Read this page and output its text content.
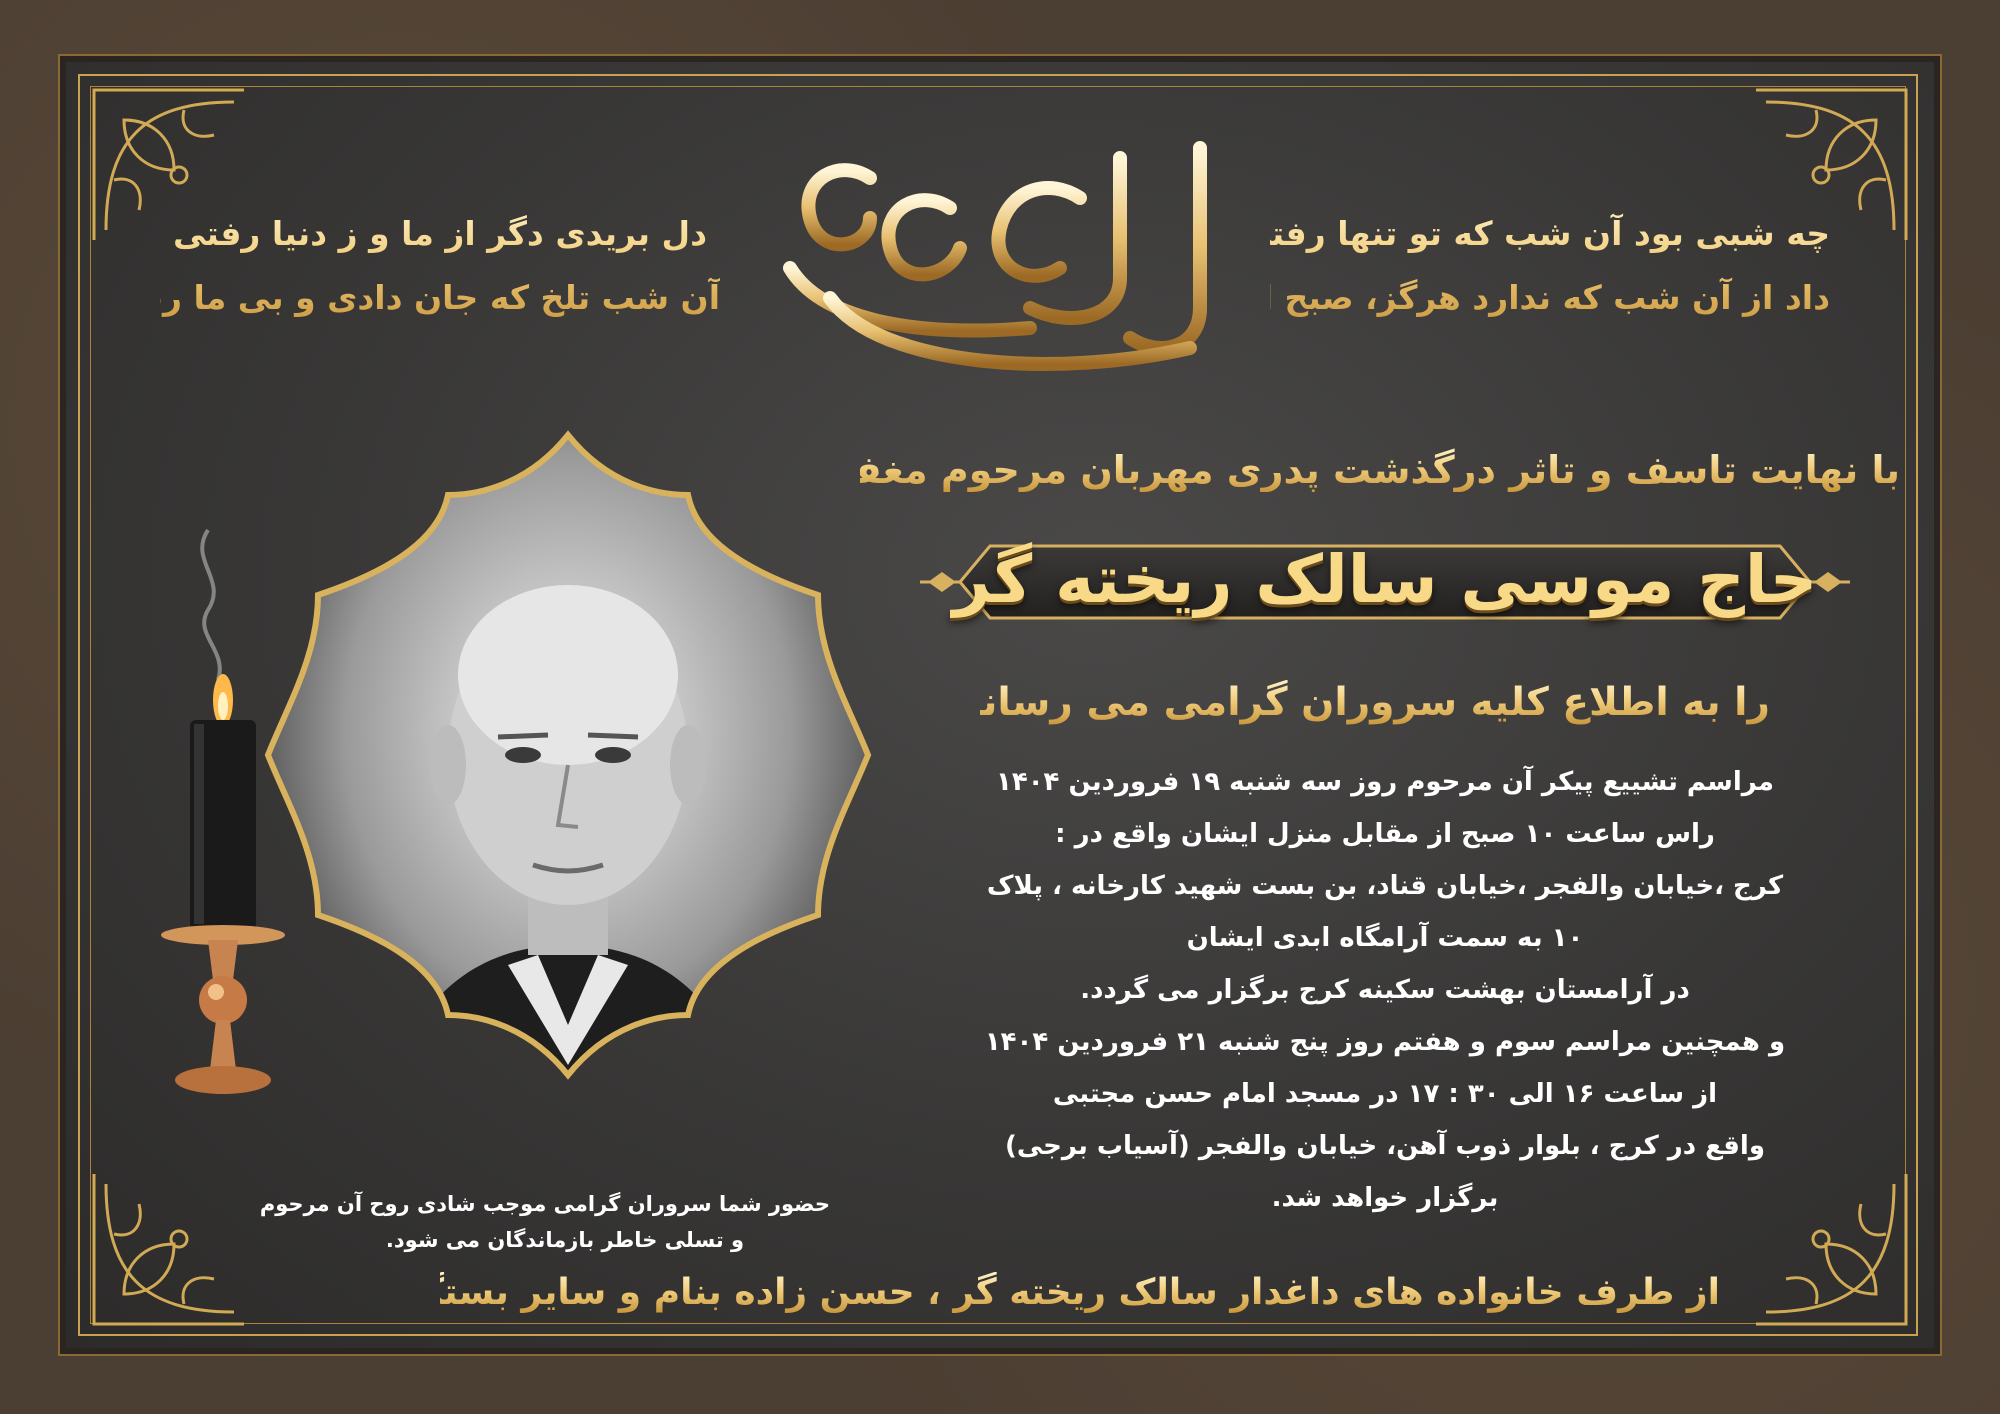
چه شبی بود آن شب که تو تنها رفتی
داد از آن شب که ندارد هرگز، صبح امید
دل بریدی دگر از ما و ز دنیا رفتی
آن شب تلخ که جان دادی و بی ما رفتی
با نهایت تاسف و تاثر درگذشت پدری مهربان مرحوم مغفور
حاج موسی سالک ریخته گر
را به اطلاع کلیه سروران گرامی می رسانیم.
مراسم تشییع پیکر آن مرحوم روز سه شنبه ۱۹ فروردین ۱۴۰۴
راس ساعت ۱۰ صبح از مقابل منزل ایشان واقع در :
کرج ،خیابان والفجر ،خیابان قناد، بن بست شهید کارخانه ، پلاک
۱۰ به سمت آرامگاه ابدی ایشان
در آرامستان بهشت سکینه کرج برگزار می گردد.
و همچنین مراسم سوم و هفتم روز پنج شنبه ۲۱ فروردین ۱۴۰۴
از ساعت ۱۶ الی ۳۰ : ۱۷ در مسجد امام حسن مجتبی
واقع در کرج ، بلوار ذوب آهن، خیابان والفجر (آسیاب برجی)
برگزار خواهد شد.
حضور شما سروران گرامی موجب شادی روح آن مرحوم
و تسلی خاطر بازماندگان می شود.
از طرف خانواده های داغدار سالک ریخته گر ، حسن زاده بنام و سایر بستگان
